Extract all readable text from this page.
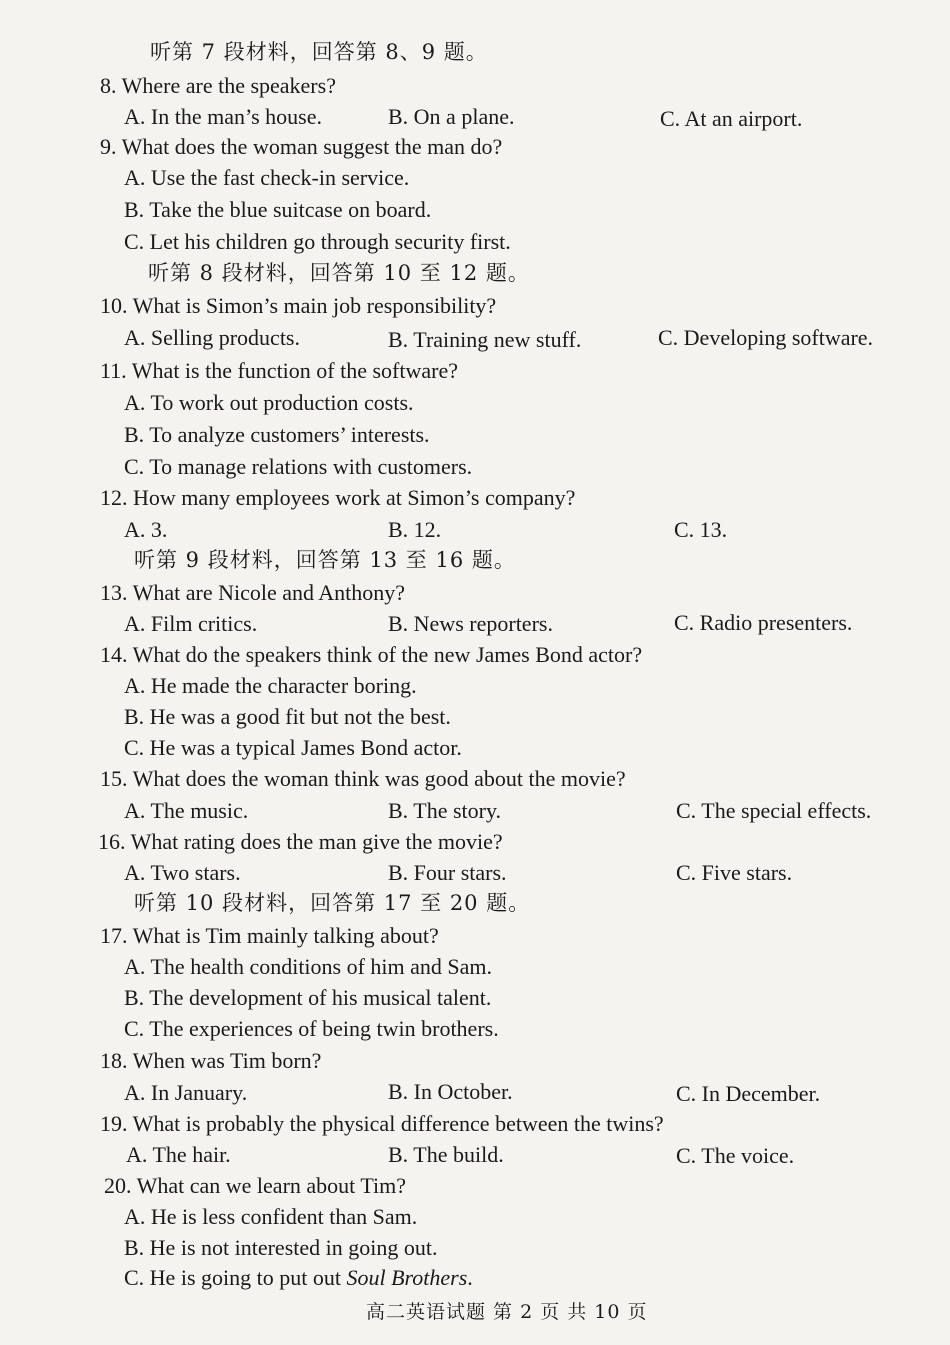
听第 7 段材料，回答第 8、9 题。
8. Where are the speakers?
A. In the man’s house.	B. On a plane.	C. At an airport.
9. What does the woman suggest the man do?
A. Use the fast check-in service.
B. Take the blue suitcase on board.
C. Let his children go through security first.
听第 8 段材料，回答第 10 至 12 题。
10. What is Simon’s main job responsibility?
A. Selling products.	B. Training new stuff.	C. Developing software.
11. What is the function of the software?
A. To work out production costs.
B. To analyze customers’ interests.
C. To manage relations with customers.
12. How many employees work at Simon’s company?
A. 3.	B. 12.	C. 13.
听第 9 段材料，回答第 13 至 16 题。
13. What are Nicole and Anthony?
A. Film critics.	B. News reporters.	C. Radio presenters.
14. What do the speakers think of the new James Bond actor?
A. He made the character boring.
B. He was a good fit but not the best.
C. He was a typical James Bond actor.
15. What does the woman think was good about the movie?
A. The music.	B. The story.	C. The special effects.
16. What rating does the man give the movie?
A. Two stars.	B. Four stars.	C. Five stars.
听第 10 段材料，回答第 17 至 20 题。
17. What is Tim mainly talking about?
A. The health conditions of him and Sam.
B. The development of his musical talent.
C. The experiences of being twin brothers.
18. When was Tim born?
A. In January.	B. In October.	C. In December.
19. What is probably the physical difference between the twins?
A. The hair.	B. The build.	C. The voice.
20. What can we learn about Tim?
A. He is less confident than Sam.
B. He is not interested in going out.
C. He is going to put out Soul Brothers.
高二英语试题 第 2 页 共 10 页
